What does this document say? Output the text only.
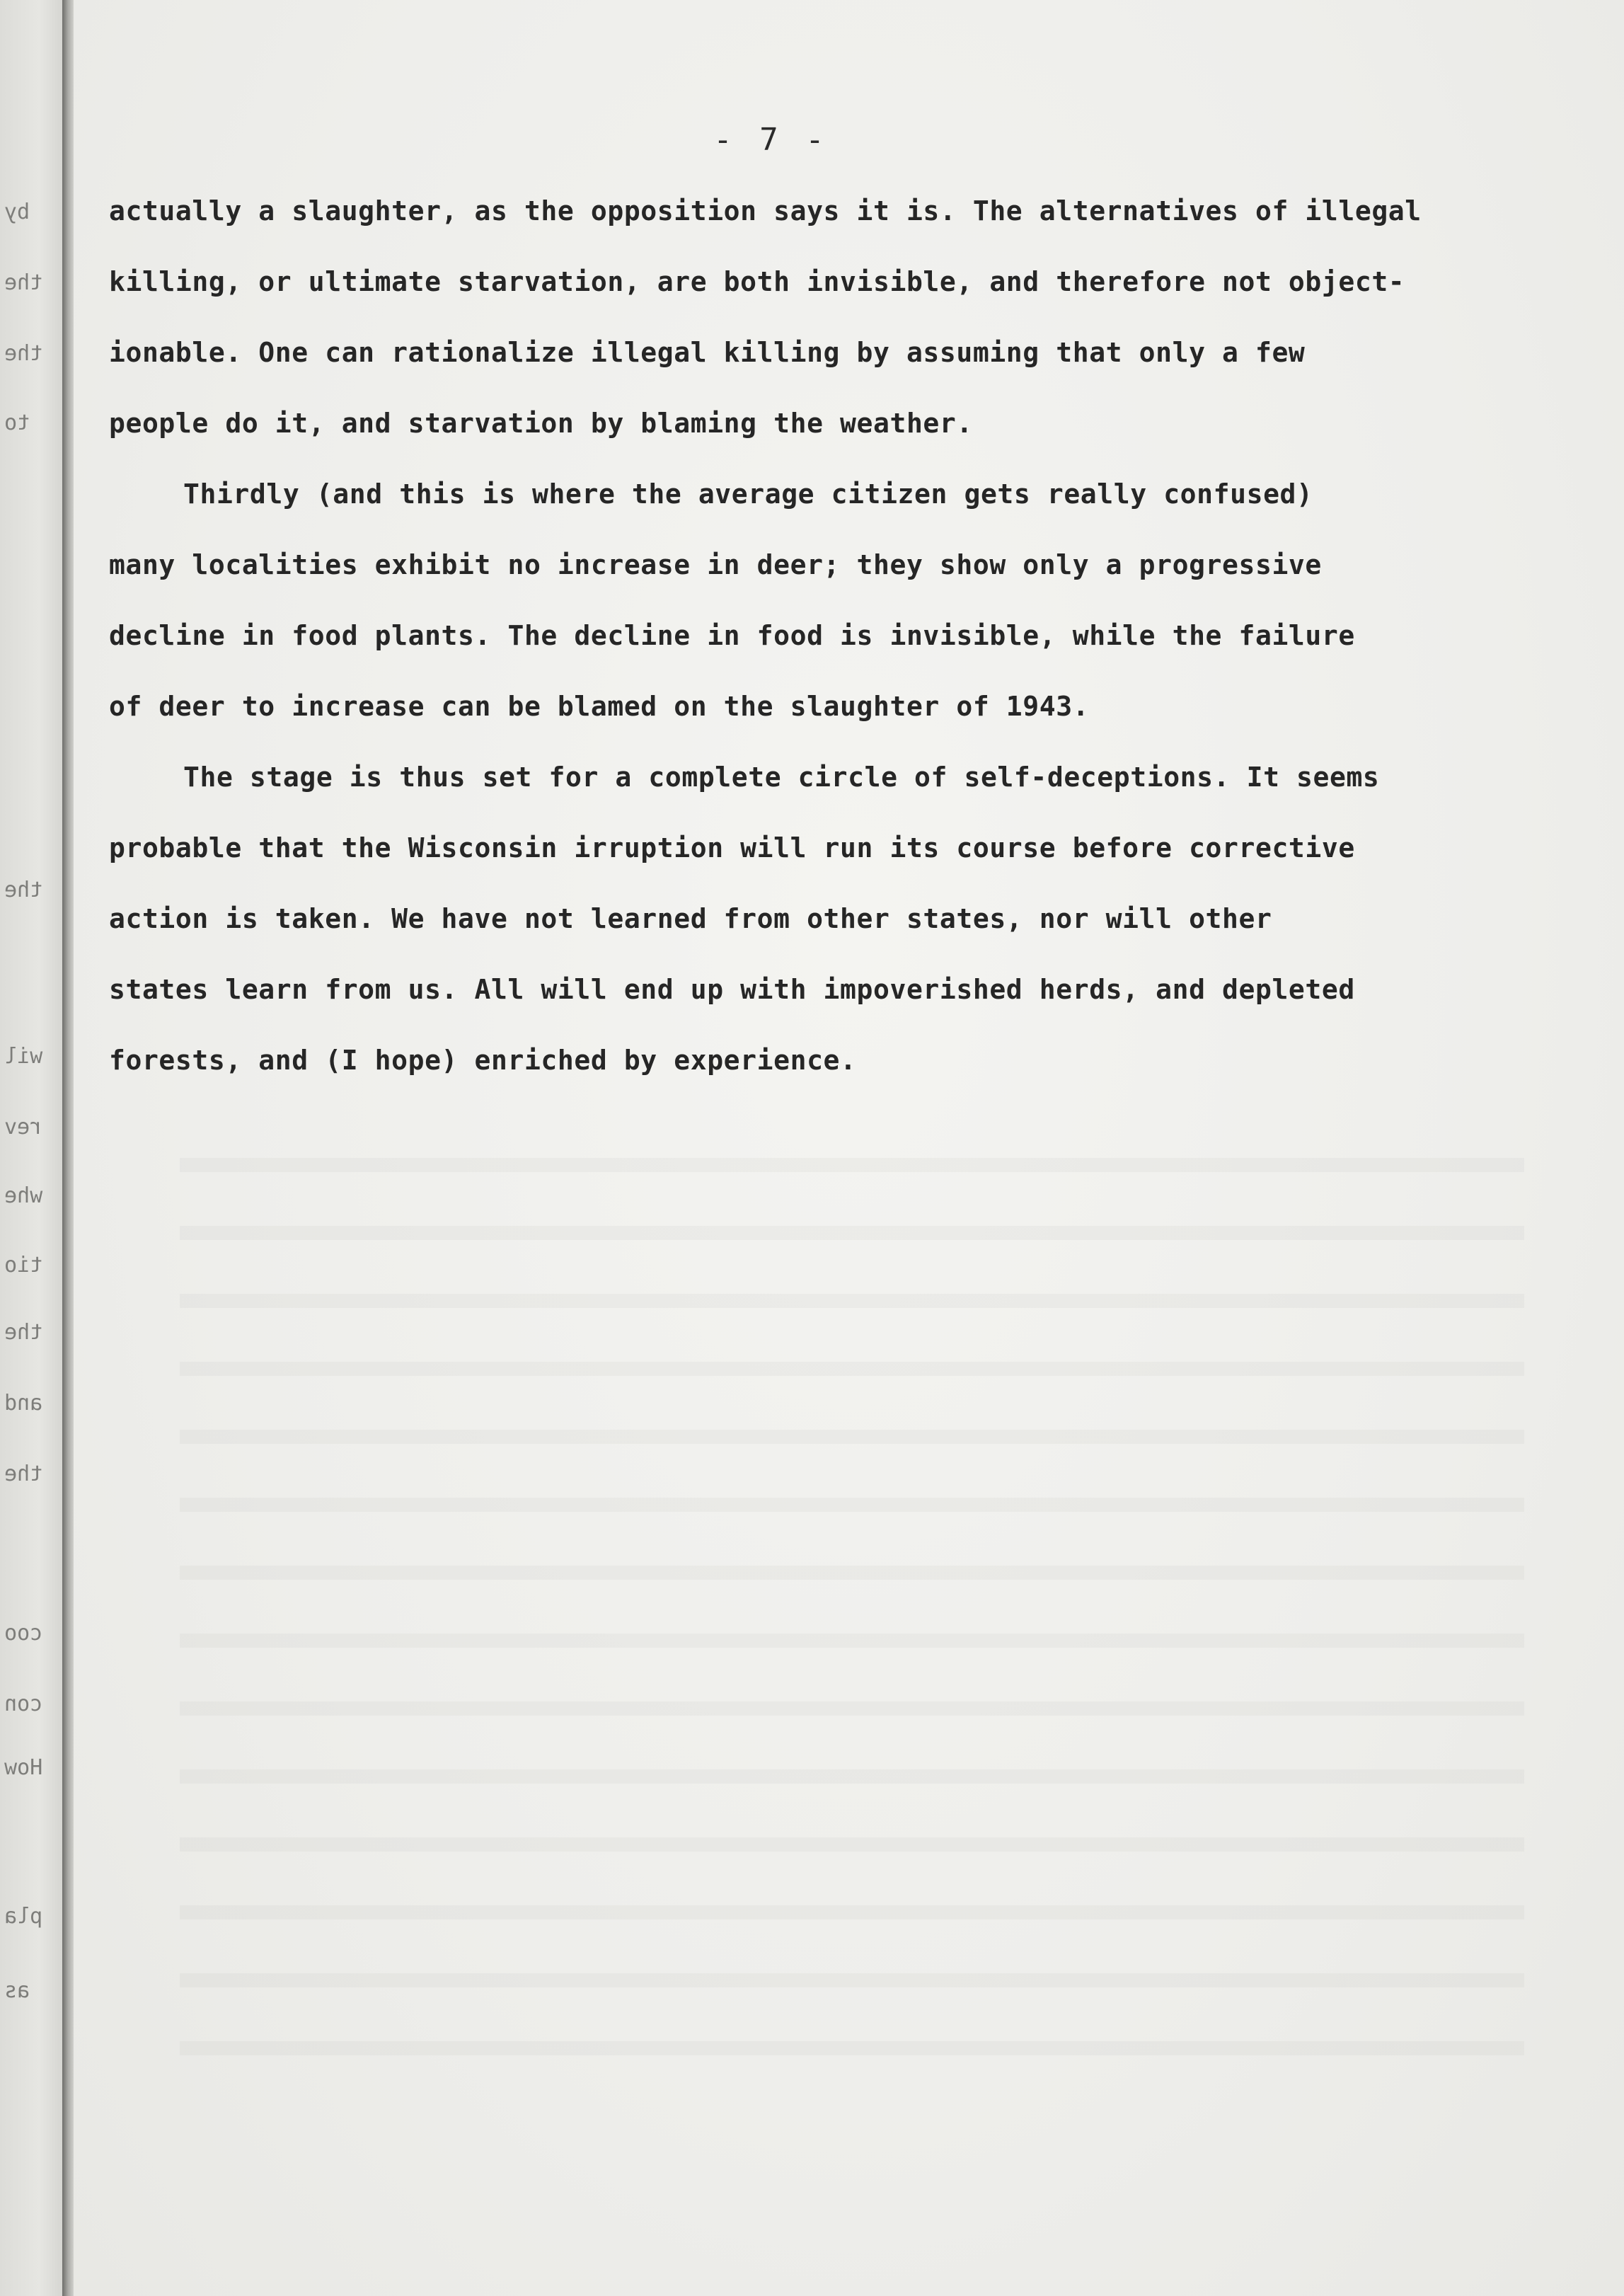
by
the
the
to
the
wil
rev
whe
tio
the
and
the
coo
con
How
pla
as
- 7 -
actually a slaughter, as the opposition says it is. The alternatives of illegal
killing, or ultimate starvation, are both invisible, and therefore not object-
ionable. One can rationalize illegal killing by assuming that only a few
people do it, and starvation by blaming the weather.
Thirdly (and this is where the average citizen gets really confused)
many localities exhibit no increase in deer; they show only a progressive
decline in food plants. The decline in food is invisible, while the failure
of deer to increase can be blamed on the slaughter of 1943.
The stage is thus set for a complete circle of self-deceptions. It seems
probable that the Wisconsin irruption will run its course before corrective
action is taken. We have not learned from other states, nor will other
states learn from us. All will end up with impoverished herds, and depleted
forests, and (I hope) enriched by experience.
